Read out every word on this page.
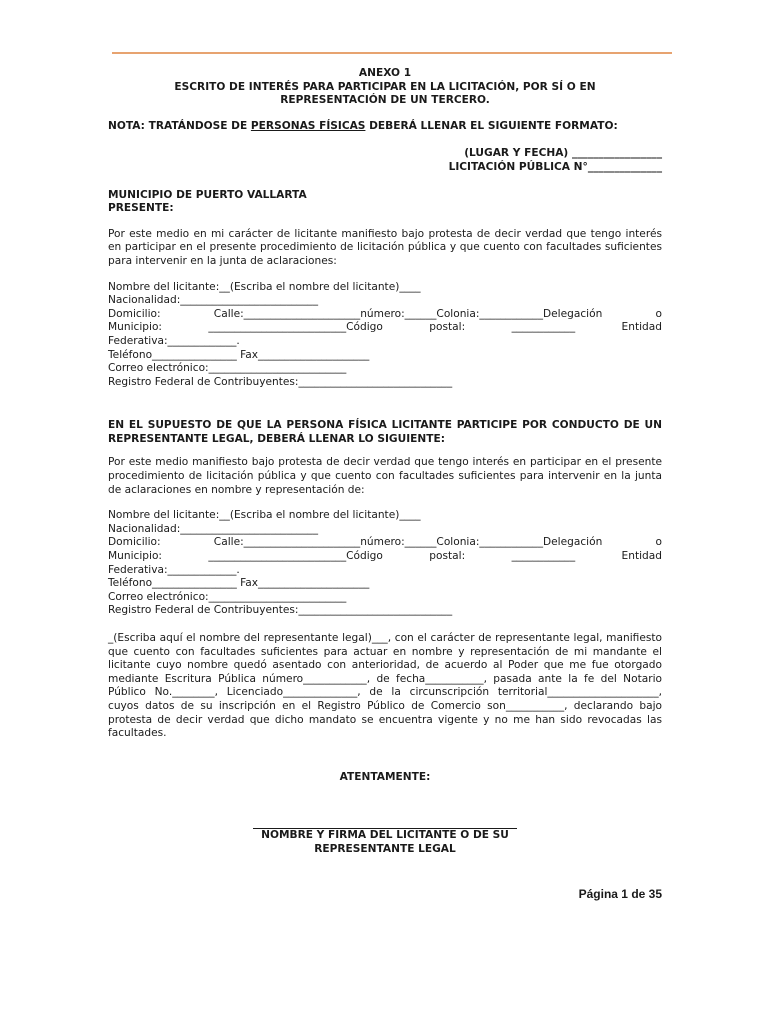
ANEXO 1

ESCRITO DE INTERÉS PARA PARTICIPAR EN LA LICITACIÓN, POR SÍ O EN

REPRESENTACIÓN DE UN TERCERO.

NOTA: TRATÁNDOSE DE PERSONAS FÍSICAS DEBERÁ LLENAR EL SIGUIENTE FORMATO:

(LUGAR Y FECHA) _________________

LICITACIÓN PÚBLICA N°______________

MUNICIPIO DE PUERTO VALLARTA

PRESENTE:

Por este medio en mi carácter de licitante manifiesto bajo protesta de decir verdad que tengo interés en participar en el presente procedimiento de licitación pública y que cuento con facultades suficientes para intervenir en la junta de aclaraciones:

Nombre del licitante:__(Escriba el nombre del licitante)____

Nacionalidad:__________________________

Domicilio: Calle:______________________número:______Colonia:____________Delegación o

Municipio: __________________________Código postal: ____________ Entidad

Federativa:_____________.

Teléfono________________ Fax_____________________

Correo electrónico:__________________________

Registro Federal de Contribuyentes:_____________________________

EN EL SUPUESTO DE QUE LA PERSONA FÍSICA LICITANTE PARTICIPE POR CONDUCTO DE UN REPRESENTANTE LEGAL, DEBERÁ LLENAR LO SIGUIENTE:

Por este medio manifiesto bajo protesta de decir verdad que tengo interés en participar en el presente procedimiento de licitación pública y que cuento con facultades suficientes para intervenir en la junta de aclaraciones en nombre y representación de:

Nombre del licitante:__(Escriba el nombre del licitante)____

Nacionalidad:__________________________

Domicilio: Calle:______________________número:______Colonia:____________Delegación o

Municipio: __________________________Código postal: ____________ Entidad

Federativa:_____________.

Teléfono________________ Fax_____________________

Correo electrónico:__________________________

Registro Federal de Contribuyentes:_____________________________

_(Escriba aquí el nombre del representante legal)___, con el carácter de representante legal, manifiesto que cuento con facultades suficientes para actuar en nombre y representación de mi mandante el licitante cuyo nombre quedó asentado con anterioridad, de acuerdo al Poder que me fue otorgado mediante Escritura Pública número____________, de fecha___________, pasada ante la fe del Notario Público No.________, Licenciado______________, de la circunscripción territorial_____________________, cuyos datos de su inscripción en el Registro Público de Comercio son___________, declarando bajo protesta de decir verdad que dicho mandato se encuentra vigente y no me han sido revocadas las facultades.

ATENTAMENTE:

NOMBRE Y FIRMA DEL LICITANTE O DE SU

REPRESENTANTE LEGAL

Página 1 de 35
